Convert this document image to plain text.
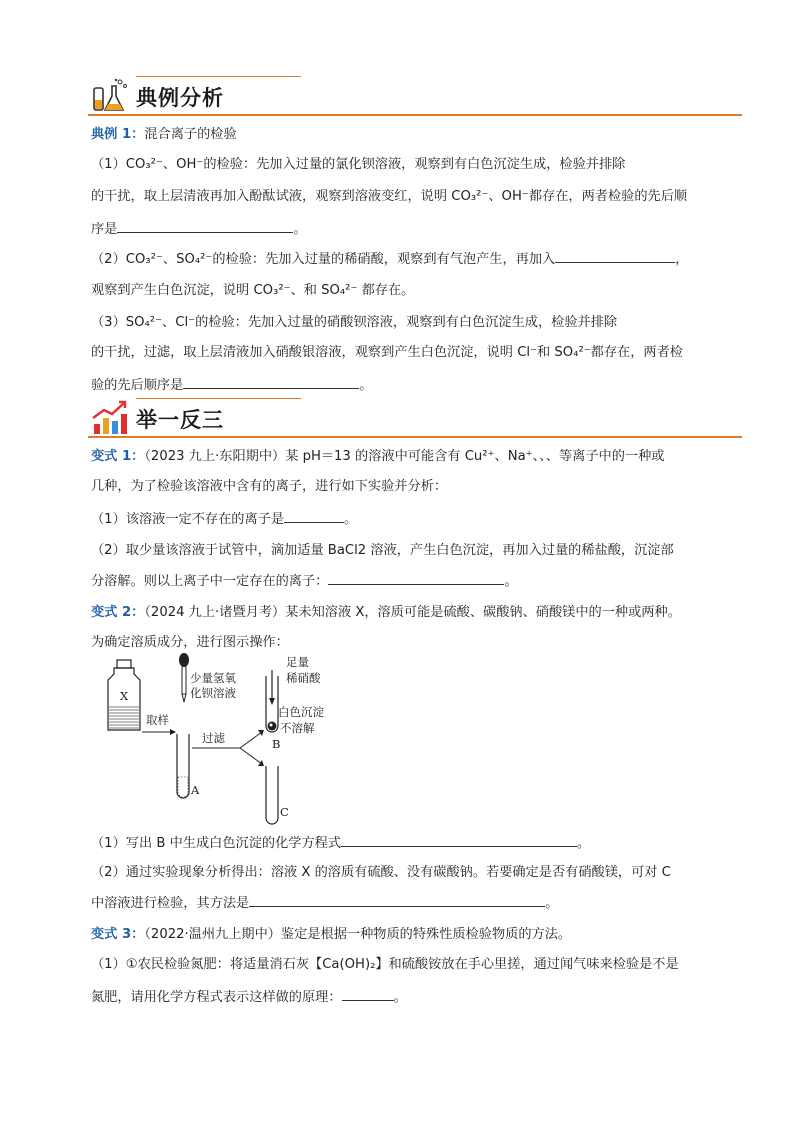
典例分析
典例 1：混合离子的检验
（1）CO₃²⁻、OH⁻的检验：先加入过量的氯化钡溶液，观察到有白色沉淀生成，检验并排除
的干扰，取上层清液再加入酚酞试液，观察到溶液变红，说明 CO₃²⁻、OH⁻都存在，两者检验的先后顺
序是	。
（2）CO₃²⁻、SO₄²⁻的检验：先加入过量的稀硝酸，观察到有气泡产生，再加入	，
观察到产生白色沉淀，说明 CO₃²⁻、和 SO₄²⁻ 都存在。
（3）SO₄²⁻、Cl⁻的检验：先加入过量的硝酸钡溶液，观察到有白色沉淀生成，检验并排除
的干扰，过滤，取上层清液加入硝酸银溶液，观察到产生白色沉淀，说明 Cl⁻和 SO₄²⁻都存在，两者检
验的先后顺序是	。
举一反三
变式 1：（2023 九上·东阳期中）某 pH＝13 的溶液中可能含有 Cu²⁺、Na⁺、、、等离子中的一种或
几种，为了检验该溶液中含有的离子，进行如下实验并分析：
（1）该溶液一定不存在的离子是	。
（2）取少量该溶液于试管中，滴加适量 BaCl2 溶液，产生白色沉淀，再加入过量的稀盐酸，沉淀部
分溶解。则以上离子中一定存在的离子：	。
变式 2：（2024 九上·诸暨月考）某未知溶液 X，溶质可能是硫酸、碳酸钠、硝酸镁中的一种或两种。
为确定溶质成分，进行图示操作：
X
取样
少量氢氧
化钡溶液
A
过滤
足量
稀硝酸
白色沉淀
不溶解
B
C
（1）写出 B 中生成白色沉淀的化学方程式	。
（2）通过实验现象分析得出：溶液 X 的溶质有硫酸、没有碳酸钠。若要确定是否有硝酸镁，可对 C
中溶液进行检验，其方法是	。
变式 3：（2022·温州九上期中）鉴定是根据一种物质的特殊性质检验物质的方法。
（1）①农民检验氮肥：将适量消石灰【Ca(OH)₂】和硫酸铵放在手心里搓，通过闻气味来检验是不是
氮肥，请用化学方程式表示这样做的原理：	。
